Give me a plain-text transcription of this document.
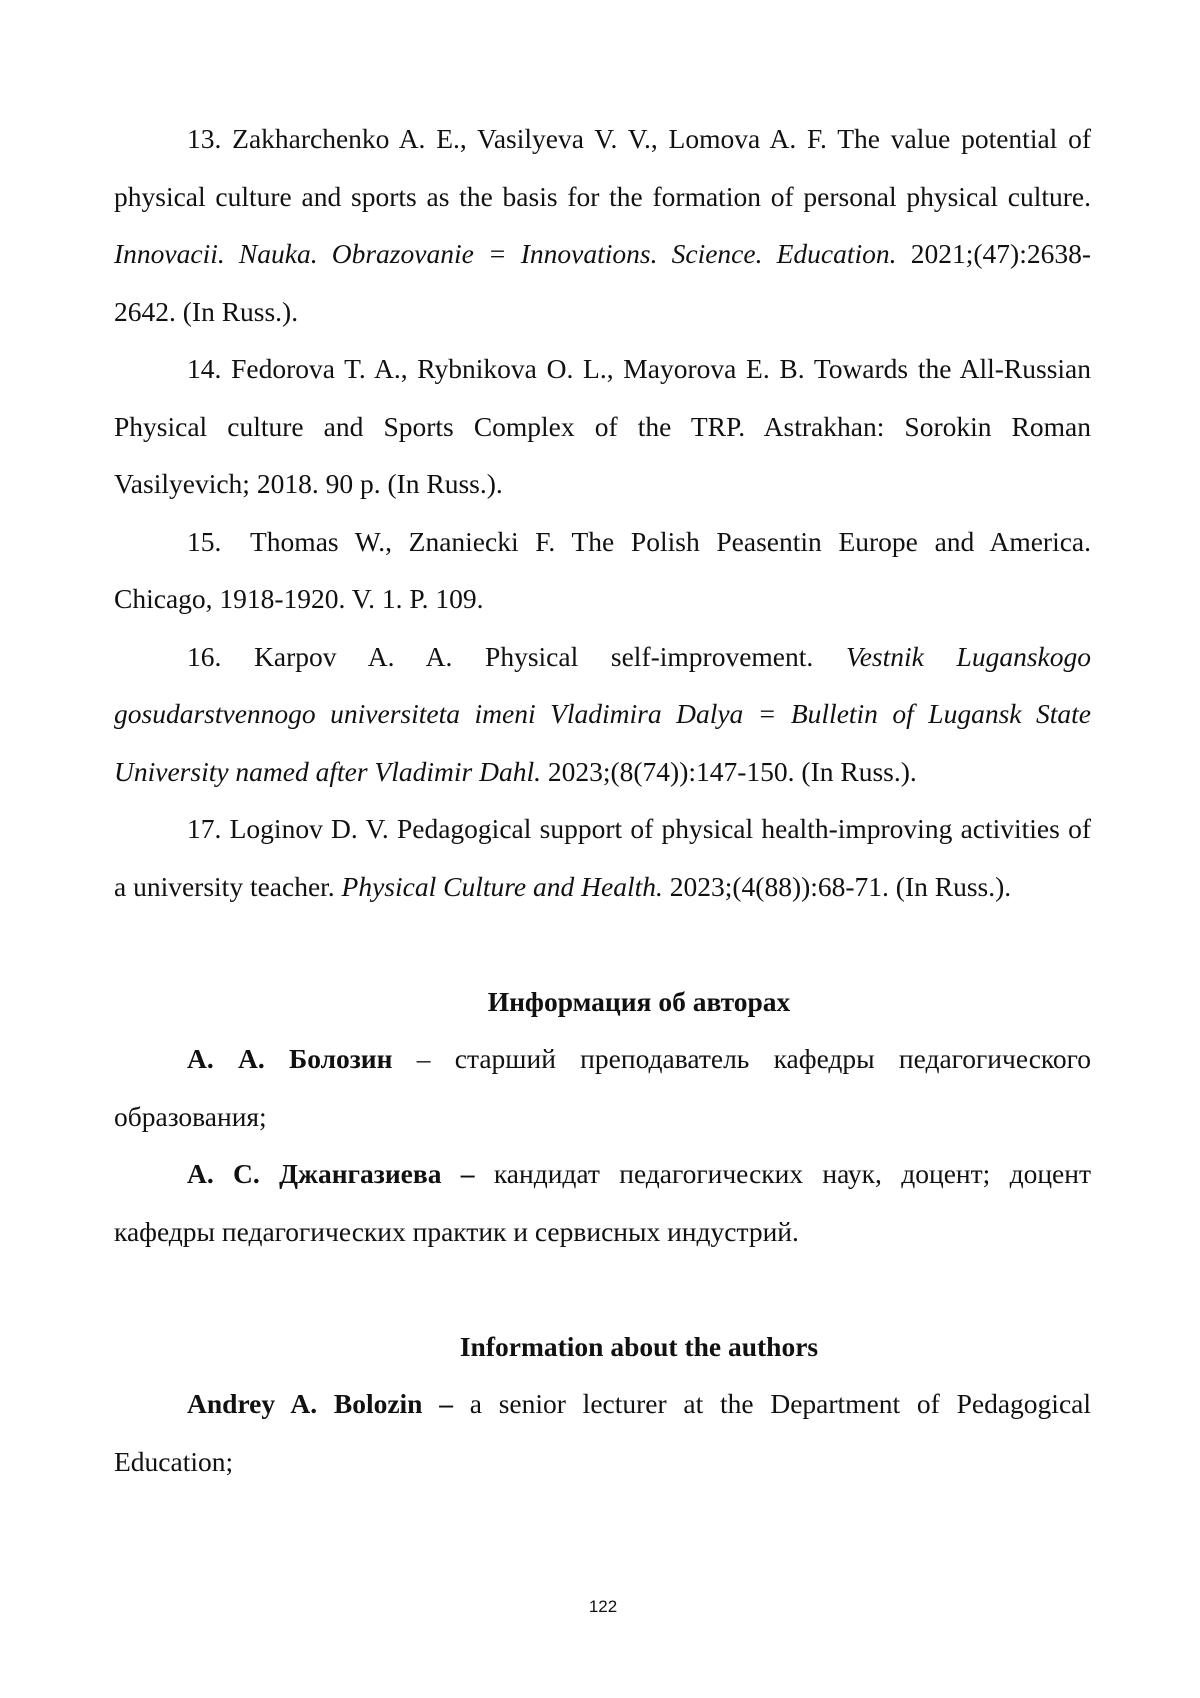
13. Zakharchenko A. E., Vasilyeva V. V., Lomova A. F. The value potential of physical culture and sports as the basis for the formation of personal physical culture. Innovacii. Nauka. Obrazovanie = Innovations. Science. Education. 2021;(47):2638-2642. (In Russ.).

14. Fedorova T. A., Rybnikova O. L., Mayorova E. B. Towards the All-Russian Physical culture and Sports Complex of the TRP. Astrakhan: Sorokin Roman Vasilyevich; 2018. 90 p. (In Russ.).

15. Thomas W., Znaniecki F. The Polish Peasentin Europe and America. Chicago, 1918-1920. V. 1. P. 109.

16. Karpov A. A. Physical self-improvement. Vestnik Luganskogo gosudarstvennogo universiteta imeni Vladimira Dalya = Bulletin of Lugansk State University named after Vladimir Dahl. 2023;(8(74)):147-150. (In Russ.).

17. Loginov D. V. Pedagogical support of physical health-improving activities of a university teacher. Physical Culture and Health. 2023;(4(88)):68-71. (In Russ.).

Информация об авторах

А. А. Болозин – старший преподаватель кафедры педагогического образования;

А. С. Джангазиева – кандидат педагогических наук, доцент; доцент кафедры педагогических практик и сервисных индустрий.

Information about the authors

Andrey A. Bolozin – a senior lecturer at the Department of Pedagogical Education;

122
